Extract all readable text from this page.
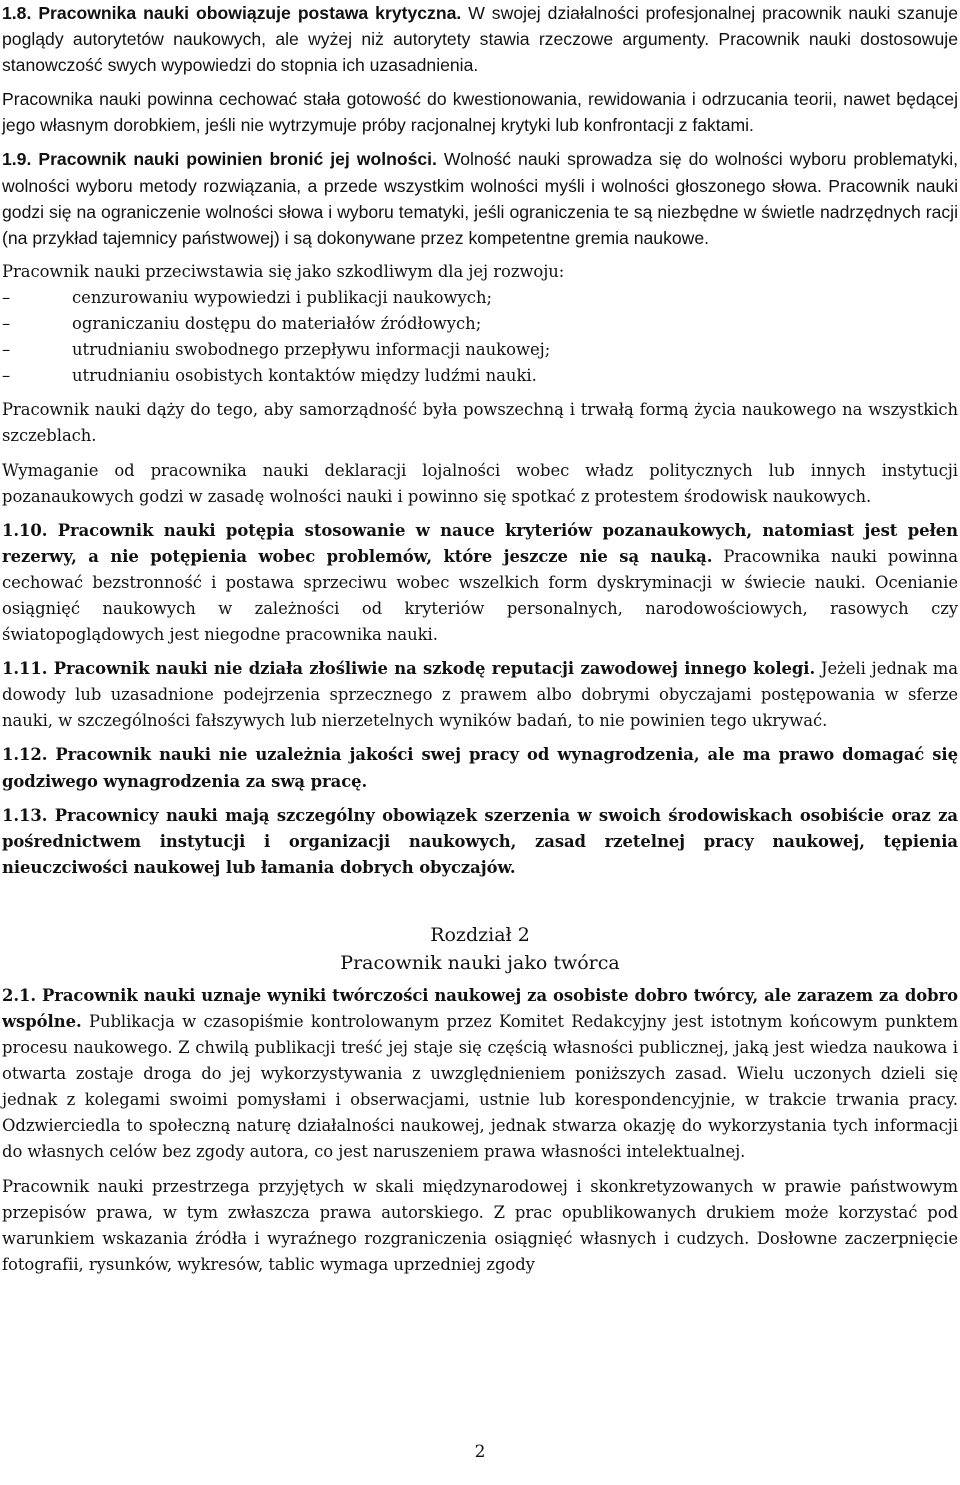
1.8. Pracownika nauki obowiązuje postawa krytyczna. W swojej działalności profesjonalnej pracownik nauki szanuje poglądy autorytetów naukowych, ale wyżej niż autorytety stawia rzeczowe argumenty. Pracownik nauki dostosowuje stanowczość swych wypowiedzi do stopnia ich uzasadnienia.

Pracownika nauki powinna cechować stała gotowość do kwestionowania, rewidowania i odrzucania teorii, nawet będącej jego własnym dorobkiem, jeśli nie wytrzymuje próby racjonalnej krytyki lub konfrontacji z faktami.

1.9. Pracownik nauki powinien bronić jej wolności. Wolność nauki sprowadza się do wolności wyboru problematyki, wolności wyboru metody rozwiązania, a przede wszystkim wolności myśli i wolności głoszonego słowa. Pracownik nauki godzi się na ograniczenie wolności słowa i wyboru tematyki, jeśli ograniczenia te są niezbędne w świetle nadrzędnych racji (na przykład tajemnicy państwowej) i są dokonywane przez kompetentne gremia naukowe.

Pracownik nauki przeciwstawia się jako szkodliwym dla jej rozwoju:

–	cenzurowaniu wypowiedzi i publikacji naukowych;
–	ograniczaniu dostępu do materiałów źródłowych;
–	utrudnianiu swobodnego przepływu informacji naukowej;
–	utrudnianiu osobistych kontaktów między ludźmi nauki.

Pracownik nauki dąży do tego, aby samorządność była powszechną i trwałą formą życia naukowego na wszystkich szczeblach.

Wymaganie od pracownika nauki deklaracji lojalności wobec władz politycznych lub innych instytucji pozanaukowych godzi w zasadę wolności nauki i powinno się spotkać z protestem środowisk naukowych.

1.10. Pracownik nauki potępia stosowanie w nauce kryteriów pozanaukowych, natomiast jest pełen rezerwy, a nie potępienia wobec problemów, które jeszcze nie są nauką. Pracownika nauki powinna cechować bezstronność i postawa sprzeciwu wobec wszelkich form dyskryminacji w świecie nauki. Ocenianie osiągnięć naukowych w zależności od kryteriów personalnych, narodowościowych, rasowych czy światopoglądowych jest niegodne pracownika nauki.

1.11. Pracownik nauki nie działa złośliwie na szkodę reputacji zawodowej innego kolegi. Jeżeli jednak ma dowody lub uzasadnione podejrzenia sprzecznego z prawem albo dobrymi obyczajami postępowania w sferze nauki, w szczególności fałszywych lub nierzetelnych wyników badań, to nie powinien tego ukrywać.

1.12. Pracownik nauki nie uzależnia jakości swej pracy od wynagrodzenia, ale ma prawo domagać się godziwego wynagrodzenia za swą pracę.

1.13. Pracownicy nauki mają szczególny obowiązek szerzenia w swoich środowiskach osobiście oraz za pośrednictwem instytucji i organizacji naukowych, zasad rzetelnej pracy naukowej, tępienia nieuczciwości naukowej lub łamania dobrych obyczajów.

Rozdział 2
Pracownik nauki jako twórca

2.1. Pracownik nauki uznaje wyniki twórczości naukowej za osobiste dobro twórcy, ale zarazem za dobro wspólne. Publikacja w czasopiśmie kontrolowanym przez Komitet Redakcyjny jest istotnym końcowym punktem procesu naukowego. Z chwilą publikacji treść jej staje się częścią własności publicznej, jaką jest wiedza naukowa i otwarta zostaje droga do jej wykorzystywania z uwzględnieniem poniższych zasad. Wielu uczonych dzieli się jednak z kolegami swoimi pomysłami i obserwacjami, ustnie lub korespondencyjnie, w trakcie trwania pracy. Odzwierciedla to społeczną naturę działalności naukowej, jednak stwarza okazję do wykorzystania tych informacji do własnych celów bez zgody autora, co jest naruszeniem prawa własności intelektualnej.

Pracownik nauki przestrzega przyjętych w skali międzynarodowej i skonkretyzowanych w prawie państwowym przepisów prawa, w tym zwłaszcza prawa autorskiego. Z prac opublikowanych drukiem może korzystać pod warunkiem wskazania źródła i wyraźnego rozgraniczenia osiągnięć własnych i cudzych. Dosłowne zaczerpnięcie fotografii, rysunków, wykresów, tablic wymaga uprzedniej zgody

2
